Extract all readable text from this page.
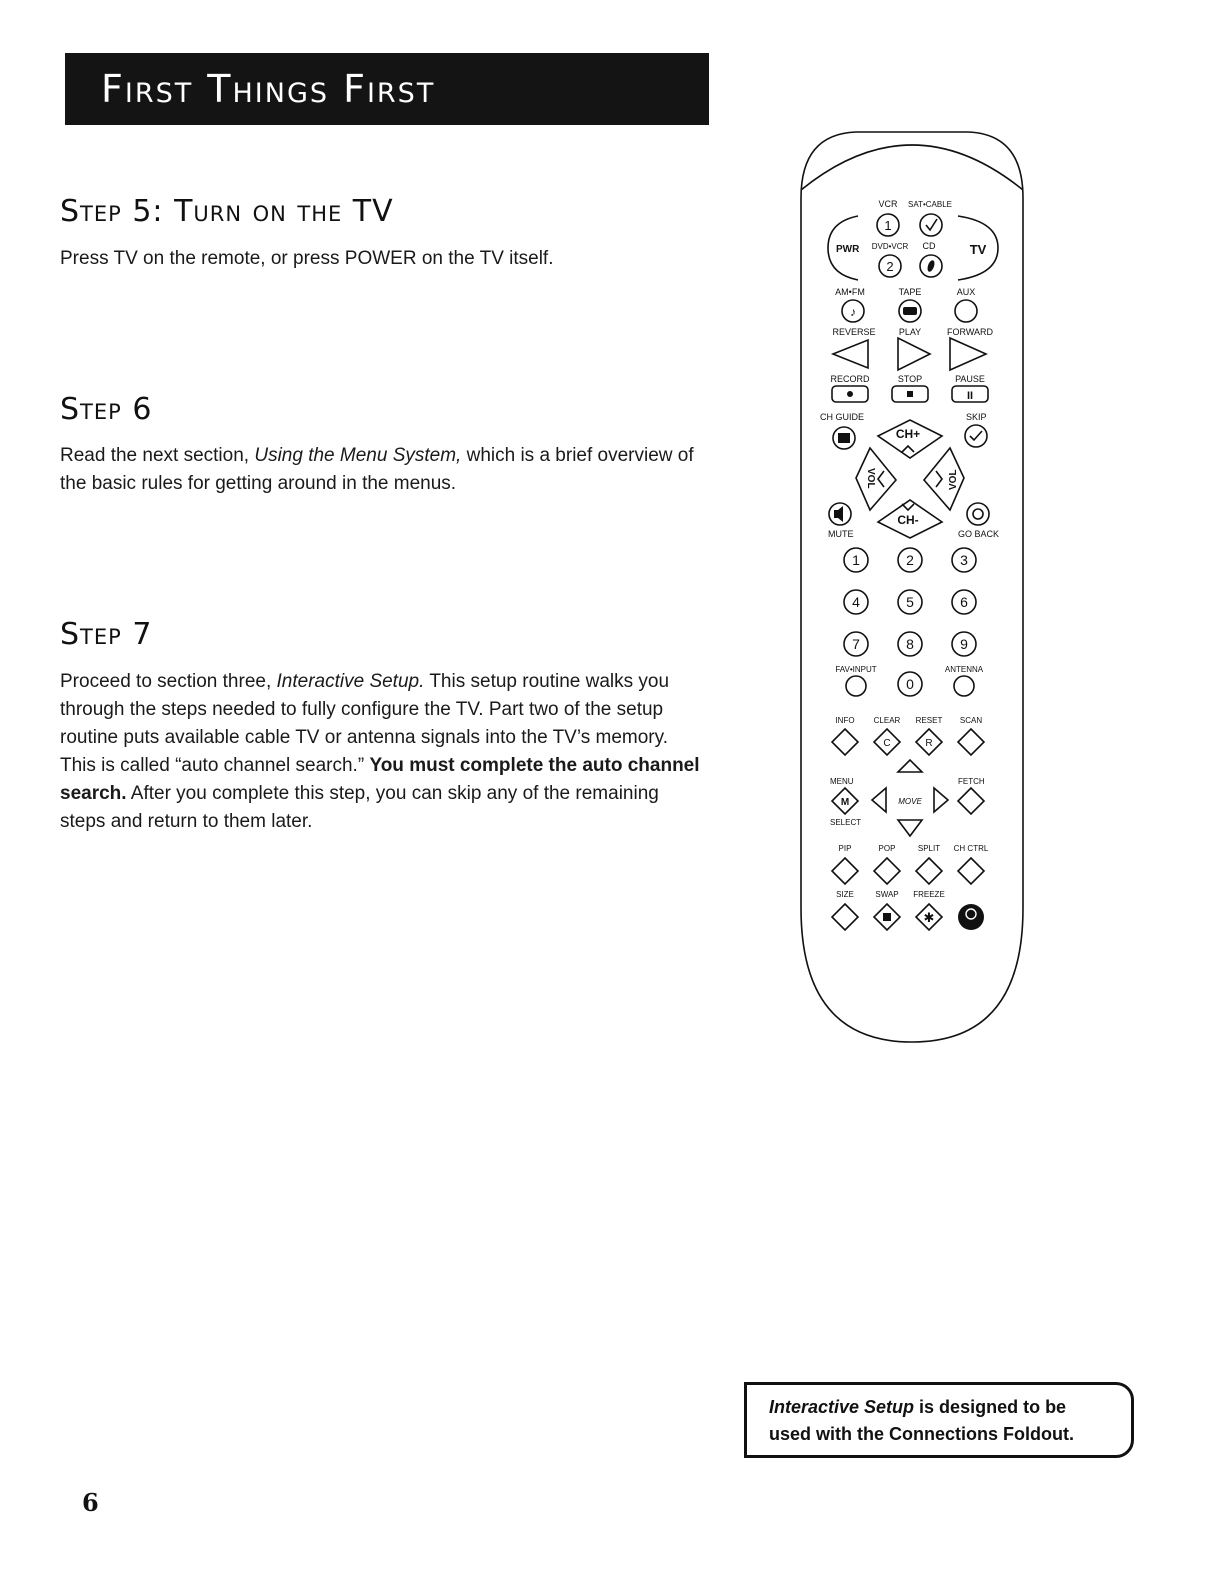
First Things First
Step 5: Turn on the TV

Press TV on the remote, or press POWER on the TV itself.

Step 6

Read the next section, Using the Menu System, which is a brief overview of the basic rules for getting around in the menus.

Step 7

Proceed to section three, Interactive Setup. This setup routine walks you through the steps needed to fully configure the TV. Part two of the setup routine puts available cable TV or antenna signals into the TV’s memory. This is called “auto channel search.” You must complete the auto channel search. After you complete this step, you can skip any of the remaining steps and return to them later.

VCR SAT•CABLE
DVD•VCR CD
PWR	TV
1
2
AM•FM	TAPE	AUX
♪
REVERSE	PLAY	FORWARD
RECORD	STOP	PAUSE
II
CH GUIDE	SKIP
CH+
CH-
VOL	VOL
MUTE	GO BACK
1	2	3
4	5	6
7	8	9
0
FAV•INPUT	ANTENNA
INFO CLEAR RESET SCAN
C	R
MENU	FETCH
SELECT
MOVE
M
PIP	POP	SPLIT CH CTRL
SIZE	SWAP FREEZE
✱
Interactive Setup is designed to be
used with the Connections Foldout.
6
